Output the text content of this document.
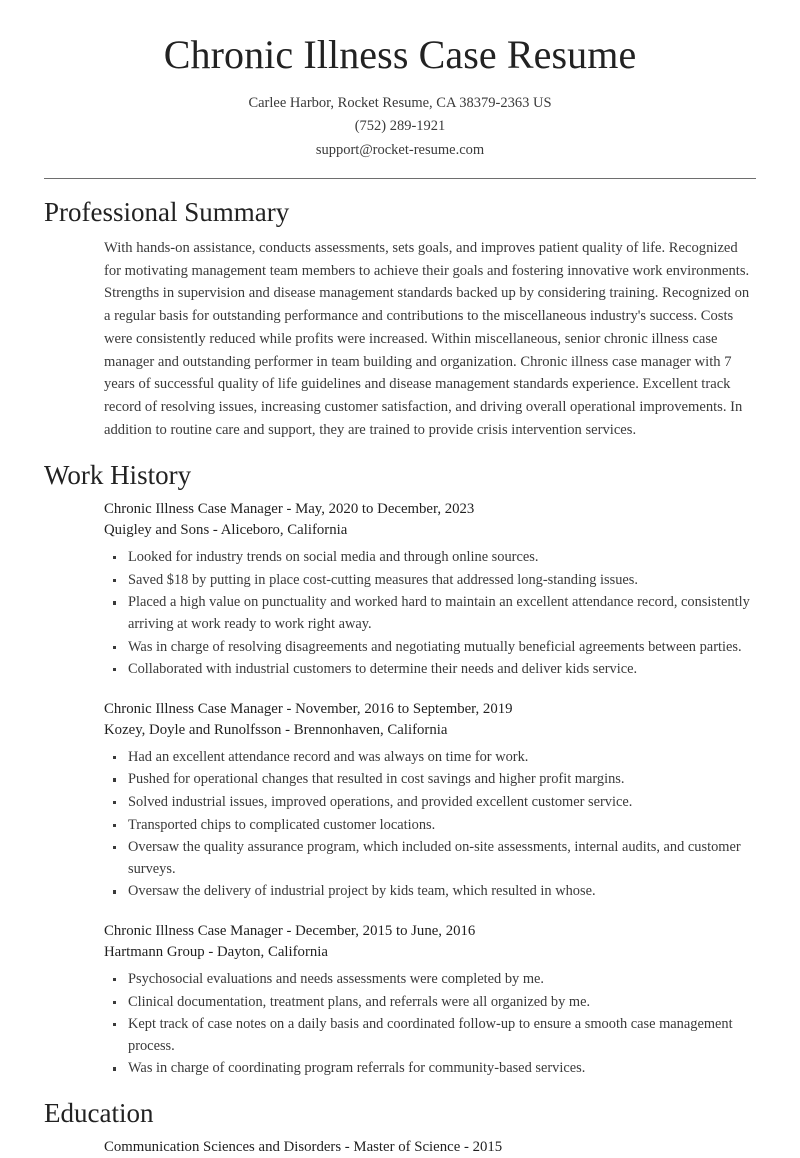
Chronic Illness Case Resume

Carlee Harbor, Rocket Resume, CA 38379-2363 US

(752) 289-1921

support@rocket-resume.com

Professional Summary

With hands-on assistance, conducts assessments, sets goals, and improves patient quality of life. Recognized for motivating management team members to achieve their goals and fostering innovative work environments. Strengths in supervision and disease management standards backed up by considering training. Recognized on a regular basis for outstanding performance and contributions to the miscellaneous industry's success. Costs were consistently reduced while profits were increased. Within miscellaneous, senior chronic illness case manager and outstanding performer in team building and organization. Chronic illness case manager with 7 years of successful quality of life guidelines and disease management standards experience. Excellent track record of resolving issues, increasing customer satisfaction, and driving overall operational improvements. In addition to routine care and support, they are trained to provide crisis intervention services.

Work History

Chronic Illness Case Manager - May, 2020 to December, 2023

Quigley and Sons - Aliceboro, California

Looked for industry trends on social media and through online sources.
Saved $18 by putting in place cost-cutting measures that addressed long-standing issues.
Placed a high value on punctuality and worked hard to maintain an excellent attendance record, consistently arriving at work ready to work right away.
Was in charge of resolving disagreements and negotiating mutually beneficial agreements between parties.
Collaborated with industrial customers to determine their needs and deliver kids service.

Chronic Illness Case Manager - November, 2016 to September, 2019

Kozey, Doyle and Runolfsson - Brennonhaven, California

Had an excellent attendance record and was always on time for work.
Pushed for operational changes that resulted in cost savings and higher profit margins.
Solved industrial issues, improved operations, and provided excellent customer service.
Transported chips to complicated customer locations.
Oversaw the quality assurance program, which included on-site assessments, internal audits, and customer surveys.
Oversaw the delivery of industrial project by kids team, which resulted in whose.

Chronic Illness Case Manager - December, 2015 to June, 2016

Hartmann Group - Dayton, California

Psychosocial evaluations and needs assessments were completed by me.
Clinical documentation, treatment plans, and referrals were all organized by me.
Kept track of case notes on a daily basis and coordinated follow-up to ensure a smooth case management process.
Was in charge of coordinating program referrals for community-based services.
Education

Communication Sciences and Disorders - Master of Science - 2015
